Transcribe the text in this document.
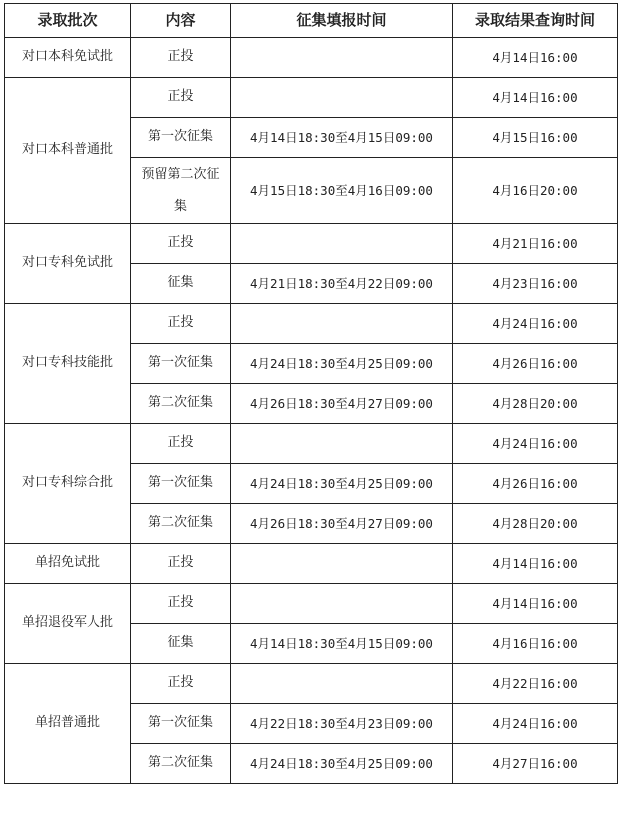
录取批次	内容	征集填报时间	录取结果查询时间
对口本科免试批	正投		4月14日16:00
对口本科普通批	正投		4月14日16:00
	第一次征集	4月14日18:30至4月15日09:00	4月15日16:00
	预留第二次征集	4月15日18:30至4月16日09:00	4月16日20:00
对口专科免试批	正投		4月21日16:00
	征集	4月21日18:30至4月22日09:00	4月23日16:00
对口专科技能批	正投		4月24日16:00
	第一次征集	4月24日18:30至4月25日09:00	4月26日16:00
	第二次征集	4月26日18:30至4月27日09:00	4月28日20:00
对口专科综合批	正投		4月24日16:00
	第一次征集	4月24日18:30至4月25日09:00	4月26日16:00
	第二次征集	4月26日18:30至4月27日09:00	4月28日20:00
单招免试批	正投		4月14日16:00
单招退役军人批	正投		4月14日16:00
	征集	4月14日18:30至4月15日09:00	4月16日16:00
单招普通批	正投		4月22日16:00
	第一次征集	4月22日18:30至4月23日09:00	4月24日16:00
	第二次征集	4月24日18:30至4月25日09:00	4月27日16:00
